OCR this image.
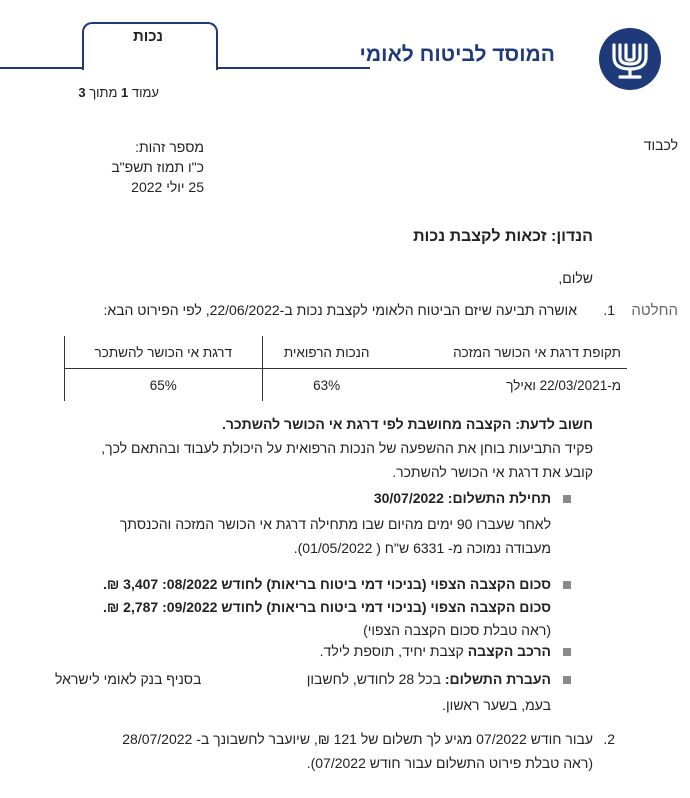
נכות
המוסד לביטוח לאומי
עמוד 1 מתוך 3
לכבוד
מספר זהות:
כ"ו תמוז תשפ"ב
25 יולי 2022
הנדון: זכאות לקצבת נכות
שלום,
החלטה
1.
אושרה תביעה שיזם הביטוח הלאומי לקצבת נכות ב-22/06/2022, לפי הפירוט הבא:
תקופת דרגת אי הכושר המזכה	הנכות הרפואית	דרגת אי הכושר להשתכר
מ-22/03/2021 ואילך	63%	65%
חשוב לדעת: הקצבה מחושבת לפי דרגת אי הכושר להשתכר.
פקיד התביעות בוחן את ההשפעה של הנכות הרפואית על היכולת לעבוד ובהתאם לכך,
קובע את דרגת אי הכושר להשתכר.
תחילת התשלום: 30/07/2022
לאחר שעברו 90 ימים מהיום שבו מתחילה דרגת אי הכושר המזכה והכנסתך
מעבודה נמוכה מ- 6331 ש"ח ( 01/05/2022).
סכום הקצבה הצפוי (בניכוי דמי ביטוח בריאות) לחודש 08/2022: 3,407 ₪.
סכום הקצבה הצפוי (בניכוי דמי ביטוח בריאות) לחודש 09/2022: 2,787 ₪.
(ראה טבלת סכום הקצבה הצפוי)
הרכב הקצבה קצבת יחיד, תוספת לילד.
העברת התשלום: בכל 28 לחודש, לחשבון
בסניף בנק לאומי לישראל
בעמ, בשער ראשון.
2.
עבור חודש 07/2022 מגיע לך תשלום של 121 ₪, שיועבר לחשבונך ב- 28/07/2022
(ראה טבלת פירוט התשלום עבור חודש 07/2022).
